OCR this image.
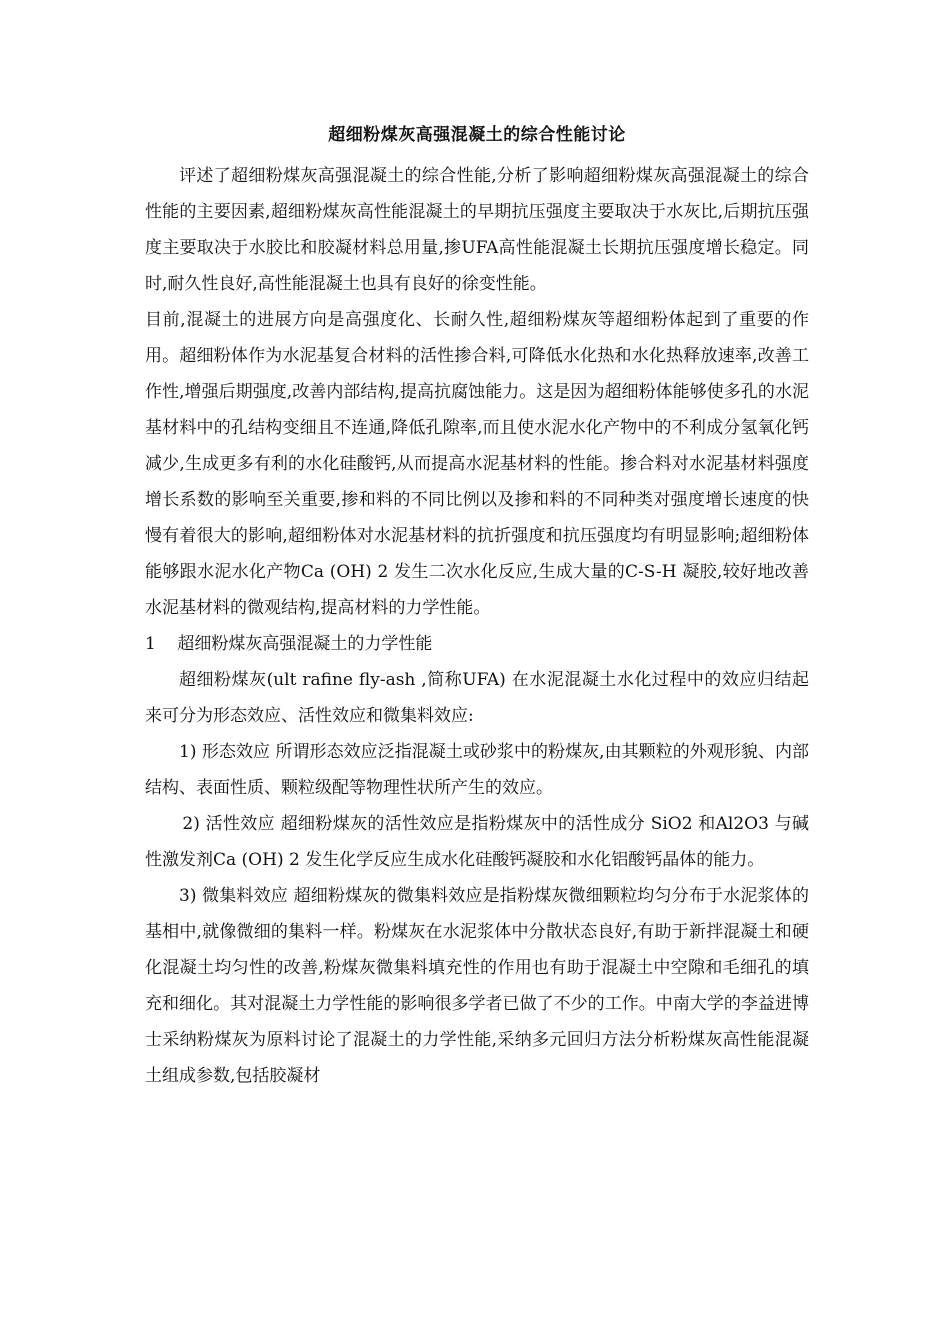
超细粉煤灰高强混凝土的综合性能讨论

评述了超细粉煤灰高强混凝土的综合性能,分析了影响超细粉煤灰高强混凝土的综合性能的主要因素,超细粉煤灰高性能混凝土的早期抗压强度主要取决于水灰比,后期抗压强度主要取决于水胶比和胶凝材料总用量,掺UFA高性能混凝土长期抗压强度增长稳定。同时,耐久性良好,高性能混凝土也具有良好的徐变性能。

目前,混凝土的进展方向是高强度化、长耐久性,超细粉煤灰等超细粉体起到了重要的作用。超细粉体作为水泥基复合材料的活性掺合料,可降低水化热和水化热释放速率,改善工作性,增强后期强度,改善内部结构,提高抗腐蚀能力。这是因为超细粉体能够使多孔的水泥基材料中的孔结构变细且不连通,降低孔隙率,而且使水泥水化产物中的不利成分氢氧化钙减少,生成更多有利的水化硅酸钙,从而提高水泥基材料的性能。掺合料对水泥基材料强度增长系数的影响至关重要,掺和料的不同比例以及掺和料的不同种类对强度增长速度的快慢有着很大的影响,超细粉体对水泥基材料的抗折强度和抗压强度均有明显影响;超细粉体能够跟水泥水化产物Ca (OH) 2 发生二次水化反应,生成大量的C-S-H 凝胶,较好地改善水泥基材料的微观结构,提高材料的力学性能。

1    超细粉煤灰高强混凝土的力学性能

超细粉煤灰(ult rafine fly-ash ,简称UFA) 在水泥混凝土水化过程中的效应归结起来可分为形态效应、活性效应和微集料效应:

1) 形态效应 所谓形态效应泛指混凝土或砂浆中的粉煤灰,由其颗粒的外观形貌、内部结构、表面性质、颗粒级配等物理性状所产生的效应。

2) 活性效应 超细粉煤灰的活性效应是指粉煤灰中的活性成分 SiO2 和Al2O3 与碱性激发剂Ca (OH) 2 发生化学反应生成水化硅酸钙凝胶和水化铝酸钙晶体的能力。

3) 微集料效应 超细粉煤灰的微集料效应是指粉煤灰微细颗粒均匀分布于水泥浆体的基相中,就像微细的集料一样。粉煤灰在水泥浆体中分散状态良好,有助于新拌混凝土和硬化混凝土均匀性的改善,粉煤灰微集料填充性的作用也有助于混凝土中空隙和毛细孔的填充和细化。其对混凝土力学性能的影响很多学者已做了不少的工作。中南大学的李益进博士采纳粉煤灰为原料讨论了混凝土的力学性能,采纳多元回归方法分析粉煤灰高性能混凝土组成参数,包括胶凝材
